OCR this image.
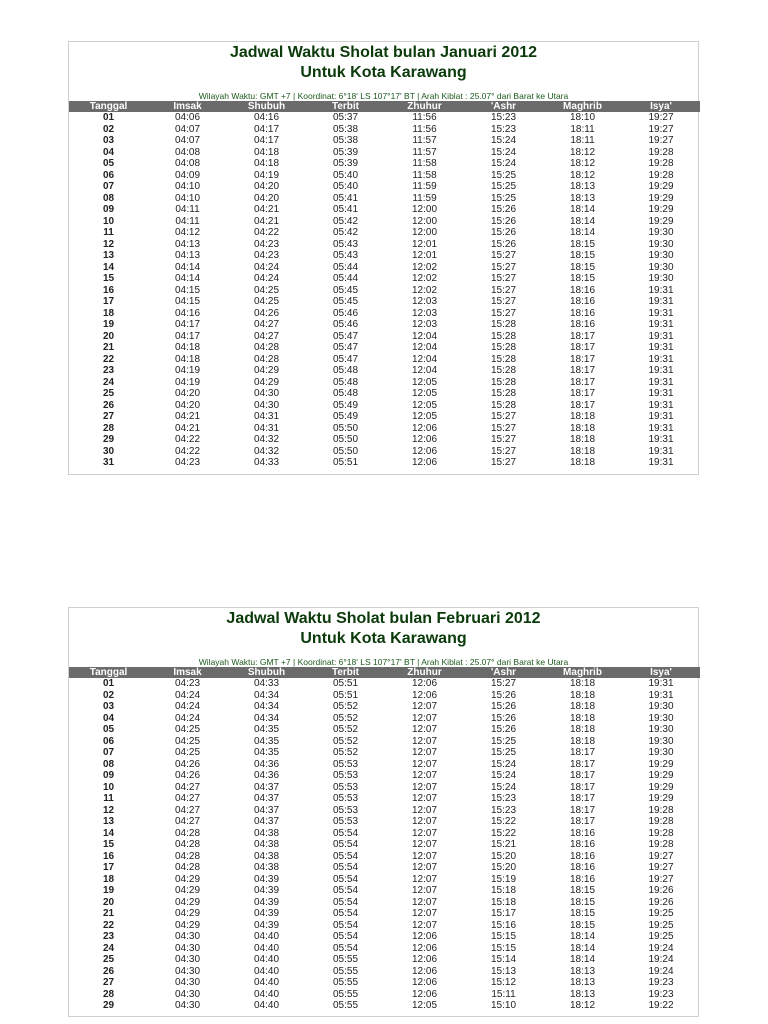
Jadwal Waktu Sholat bulan Januari 2012
Untuk Kota Karawang
Wilayah Waktu: GMT +7 | Koordinat: 6°18' LS 107°17' BT | Arah Kiblat : 25.07° dari Barat ke Utara
Tanggal	Imsak	Shubuh	Terbit	Zhuhur	'Ashr	Maghrib	Isya'
01	04:06	04:16	05:37	11:56	15:23	18:10	19:27
02	04:07	04:17	05:38	11:56	15:23	18:11	19:27
03	04:07	04:17	05:38	11:57	15:24	18:11	19:27
04	04:08	04:18	05:39	11:57	15:24	18:12	19:28
05	04:08	04:18	05:39	11:58	15:24	18:12	19:28
06	04:09	04:19	05:40	11:58	15:25	18:12	19:28
07	04:10	04:20	05:40	11:59	15:25	18:13	19:29
08	04:10	04:20	05:41	11:59	15:25	18:13	19:29
09	04:11	04:21	05:41	12:00	15:26	18:14	19:29
10	04:11	04:21	05:42	12:00	15:26	18:14	19:29
11	04:12	04:22	05:42	12:00	15:26	18:14	19:30
12	04:13	04:23	05:43	12:01	15:26	18:15	19:30
13	04:13	04:23	05:43	12:01	15:27	18:15	19:30
14	04:14	04:24	05:44	12:02	15:27	18:15	19:30
15	04:14	04:24	05:44	12:02	15:27	18:15	19:30
16	04:15	04:25	05:45	12:02	15:27	18:16	19:31
17	04:15	04:25	05:45	12:03	15:27	18:16	19:31
18	04:16	04:26	05:46	12:03	15:27	18:16	19:31
19	04:17	04:27	05:46	12:03	15:28	18:16	19:31
20	04:17	04:27	05:47	12:04	15:28	18:17	19:31
21	04:18	04:28	05:47	12:04	15:28	18:17	19:31
22	04:18	04:28	05:47	12:04	15:28	18:17	19:31
23	04:19	04:29	05:48	12:04	15:28	18:17	19:31
24	04:19	04:29	05:48	12:05	15:28	18:17	19:31
25	04:20	04:30	05:48	12:05	15:28	18:17	19:31
26	04:20	04:30	05:49	12:05	15:28	18:17	19:31
27	04:21	04:31	05:49	12:05	15:27	18:18	19:31
28	04:21	04:31	05:50	12:06	15:27	18:18	19:31
29	04:22	04:32	05:50	12:06	15:27	18:18	19:31
30	04:22	04:32	05:50	12:06	15:27	18:18	19:31
31	04:23	04:33	05:51	12:06	15:27	18:18	19:31
Jadwal Waktu Sholat bulan Februari 2012
Untuk Kota Karawang
Wilayah Waktu: GMT +7 | Koordinat: 6°18' LS 107°17' BT | Arah Kiblat : 25.07° dari Barat ke Utara
Tanggal	Imsak	Shubuh	Terbit	Zhuhur	'Ashr	Maghrib	Isya'
01	04:23	04:33	05:51	12:06	15:27	18:18	19:31
02	04:24	04:34	05:51	12:06	15:26	18:18	19:31
03	04:24	04:34	05:52	12:07	15:26	18:18	19:30
04	04:24	04:34	05:52	12:07	15:26	18:18	19:30
05	04:25	04:35	05:52	12:07	15:26	18:18	19:30
06	04:25	04:35	05:52	12:07	15:25	18:18	19:30
07	04:25	04:35	05:52	12:07	15:25	18:17	19:30
08	04:26	04:36	05:53	12:07	15:24	18:17	19:29
09	04:26	04:36	05:53	12:07	15:24	18:17	19:29
10	04:27	04:37	05:53	12:07	15:24	18:17	19:29
11	04:27	04:37	05:53	12:07	15:23	18:17	19:29
12	04:27	04:37	05:53	12:07	15:23	18:17	19:28
13	04:27	04:37	05:53	12:07	15:22	18:17	19:28
14	04:28	04:38	05:54	12:07	15:22	18:16	19:28
15	04:28	04:38	05:54	12:07	15:21	18:16	19:28
16	04:28	04:38	05:54	12:07	15:20	18:16	19:27
17	04:28	04:38	05:54	12:07	15:20	18:16	19:27
18	04:29	04:39	05:54	12:07	15:19	18:16	19:27
19	04:29	04:39	05:54	12:07	15:18	18:15	19:26
20	04:29	04:39	05:54	12:07	15:18	18:15	19:26
21	04:29	04:39	05:54	12:07	15:17	18:15	19:25
22	04:29	04:39	05:54	12:07	15:16	18:15	19:25
23	04:30	04:40	05:54	12:06	15:15	18:14	19:25
24	04:30	04:40	05:54	12:06	15:15	18:14	19:24
25	04:30	04:40	05:55	12:06	15:14	18:14	19:24
26	04:30	04:40	05:55	12:06	15:13	18:13	19:24
27	04:30	04:40	05:55	12:06	15:12	18:13	19:23
28	04:30	04:40	05:55	12:06	15:11	18:13	19:23
29	04:30	04:40	05:55	12:05	15:10	18:12	19:22
